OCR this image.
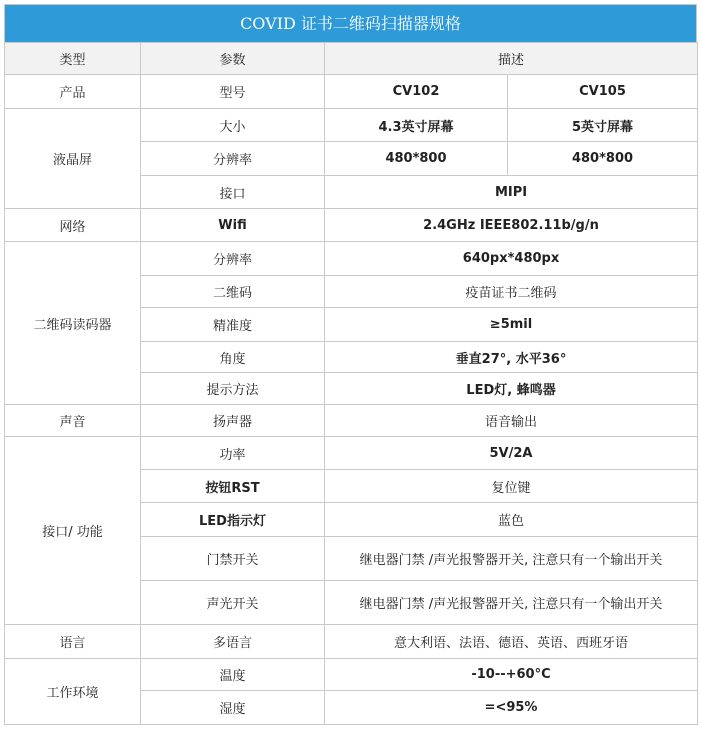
COVID 证书二维码扫描器规格
类型	参数	描述	
产品	型号	CV102	CV105
液晶屏	大小	4.3英寸屏幕	5英寸屏幕
	分辨率	480*800	480*800
	接口	MIPI	
网络	Wifi	2.4GHz IEEE802.11b/g/n	
二维码读码器	分辨率	640px*480px	
	二维码	疫苗证书二维码	
	精准度	≥5mil	
	角度	垂直27°, 水平36°	
	提示方法	LED灯, 蜂鸣器	
声音	扬声器	语音输出	
接口/ 功能	功率	5V/2A	
	按钮RST	复位键	
	LED指示灯	蓝色	
	门禁开关	继电器门禁 /声光报警器开关, 注意只有一个输出开关	
	声光开关	继电器门禁 /声光报警器开关, 注意只有一个输出开关	
语言	多语言	意大利语、法语、德语、英语、西班牙语	
工作环境	温度	-10--+60°C	
	湿度	=<95%	
